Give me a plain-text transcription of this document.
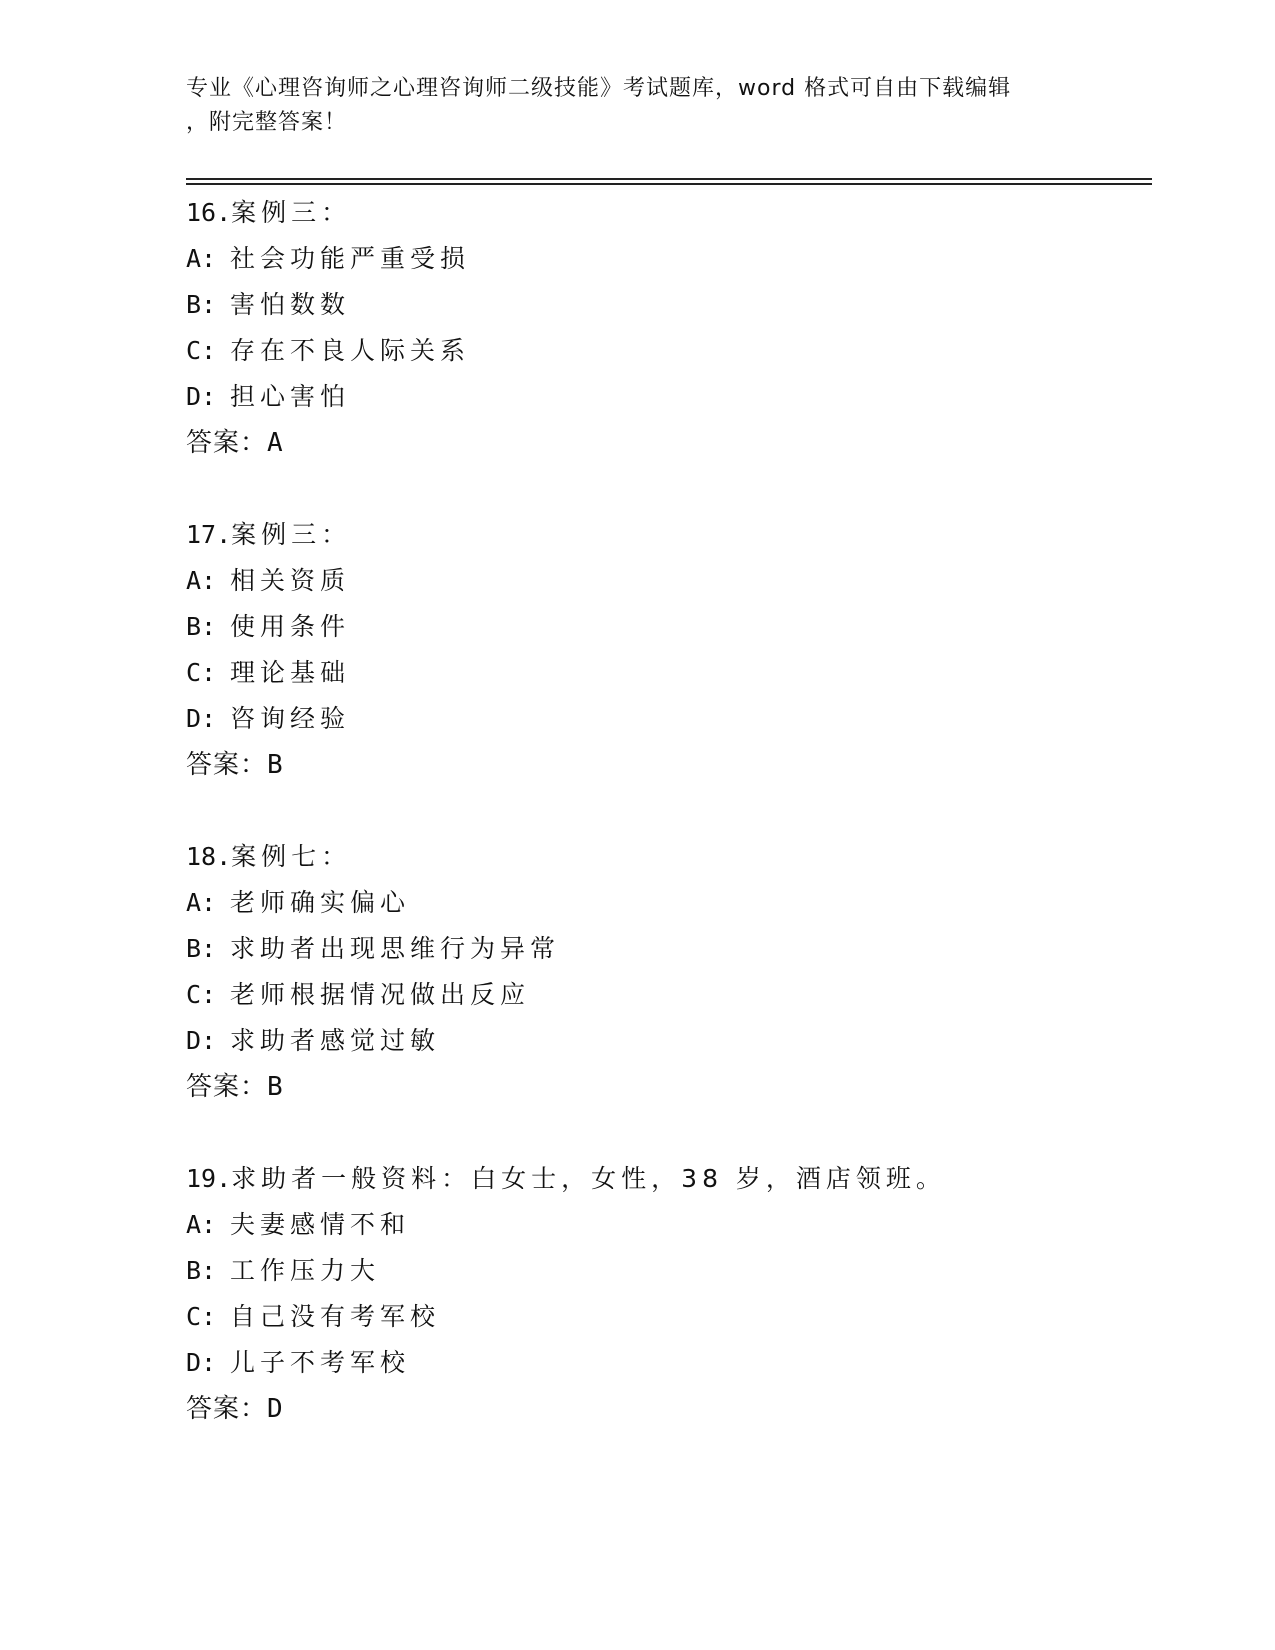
专业《心理咨询师之心理咨询师二级技能》考试题库，word 格式可自由下载编辑
，附完整答案！
16.案例三：
A: 社会功能严重受损
B: 害怕数数
C: 存在不良人际关系
D: 担心害怕
答案：A
17.案例三：
A: 相关资质
B: 使用条件
C: 理论基础
D: 咨询经验
答案：B
18.案例七：
A: 老师确实偏心
B: 求助者出现思维行为异常
C: 老师根据情况做出反应
D: 求助者感觉过敏
答案：B
19.求助者一般资料：白女士，女性，38 岁，酒店领班。
A: 夫妻感情不和
B: 工作压力大
C: 自己没有考军校
D: 儿子不考军校
答案：D
